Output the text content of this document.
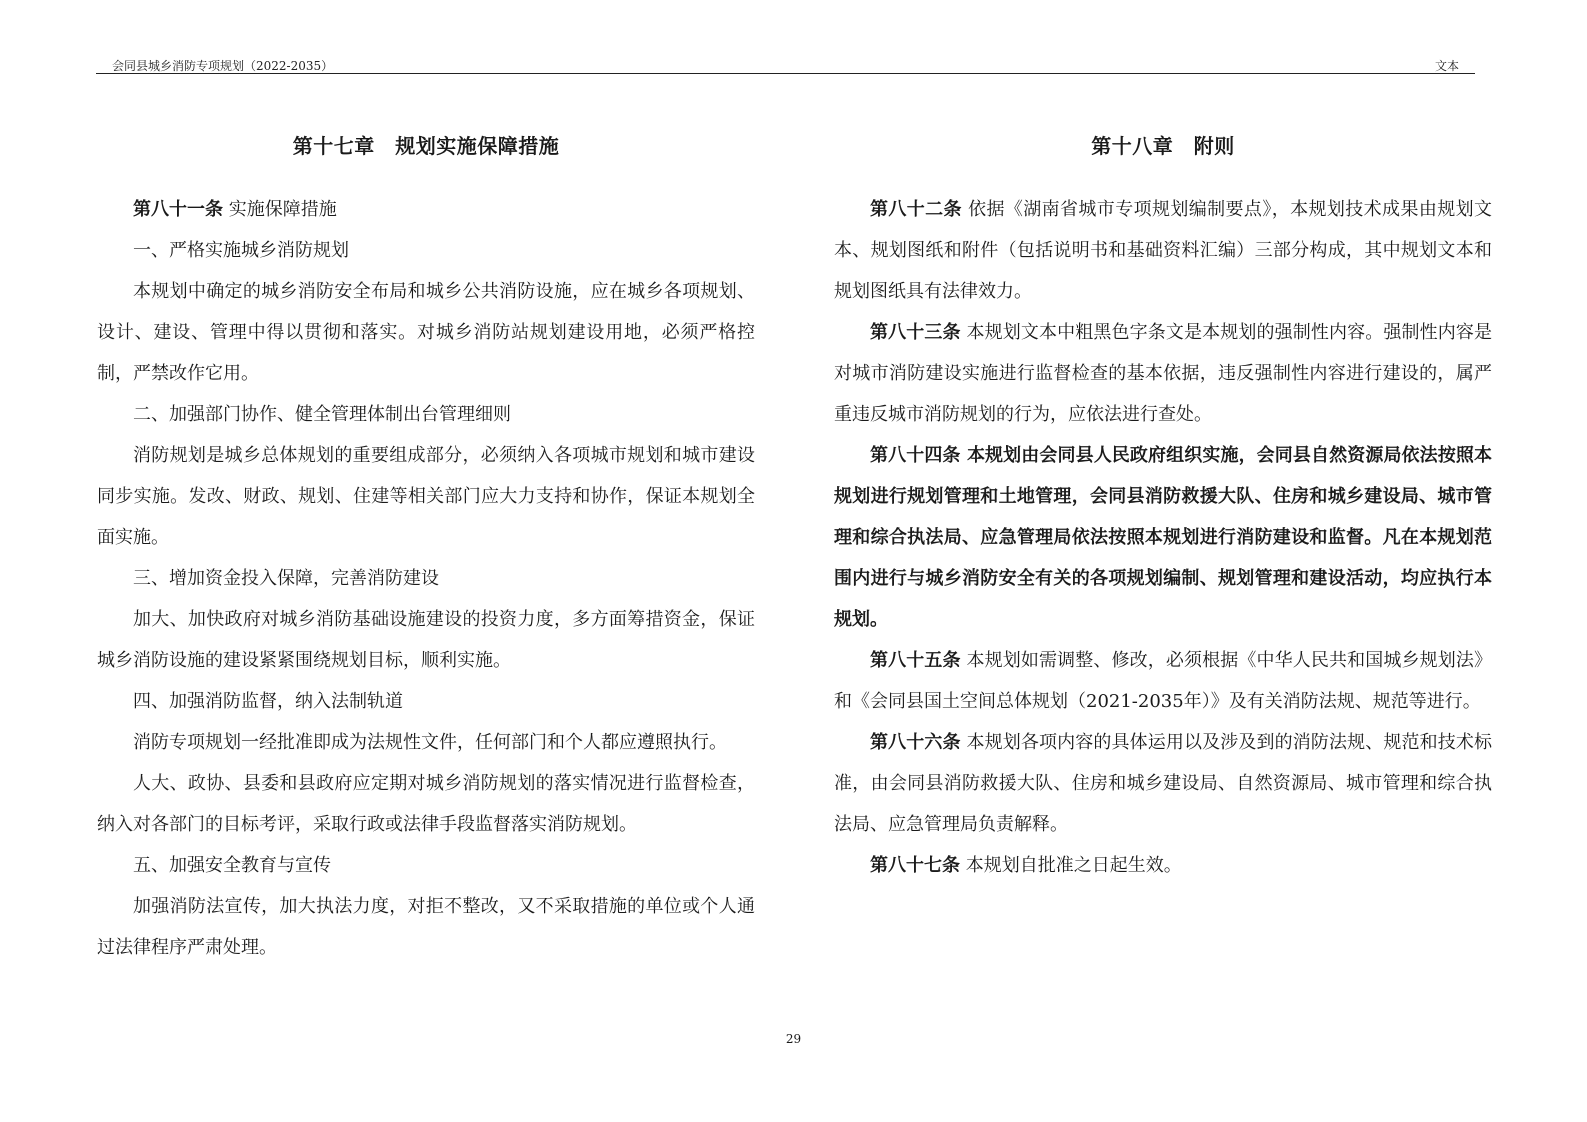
会同县城乡消防专项规划（2022-2035）	文本
第十七章　规划实施保障措施

第八十一条 实施保障措施

一、严格实施城乡消防规划

本规划中确定的城乡消防安全布局和城乡公共消防设施，应在城乡各项规划、设计、建设、管理中得以贯彻和落实。对城乡消防站规划建设用地，必须严格控制，严禁改作它用。

二、加强部门协作、健全管理体制出台管理细则

消防规划是城乡总体规划的重要组成部分，必须纳入各项城市规划和城市建设同步实施。发改、财政、规划、住建等相关部门应大力支持和协作，保证本规划全面实施。

三、增加资金投入保障，完善消防建设

加大、加快政府对城乡消防基础设施建设的投资力度，多方面筹措资金，保证城乡消防设施的建设紧紧围绕规划目标，顺利实施。

四、加强消防监督，纳入法制轨道

消防专项规划一经批准即成为法规性文件，任何部门和个人都应遵照执行。

人大、政协、县委和县政府应定期对城乡消防规划的落实情况进行监督检查，纳入对各部门的目标考评，采取行政或法律手段监督落实消防规划。

五、加强安全教育与宣传

加强消防法宣传，加大执法力度，对拒不整改，又不采取措施的单位或个人通过法律程序严肃处理。

第十八章　附则

第八十二条 依据《湖南省城市专项规划编制要点》，本规划技术成果由规划文本、规划图纸和附件（包括说明书和基础资料汇编）三部分构成，其中规划文本和规划图纸具有法律效力。

第八十三条 本规划文本中粗黑色字条文是本规划的强制性内容。强制性内容是对城市消防建设实施进行监督检查的基本依据，违反强制性内容进行建设的，属严重违反城市消防规划的行为，应依法进行查处。

第八十四条 本规划由会同县人民政府组织实施，会同县自然资源局依法按照本规划进行规划管理和土地管理，会同县消防救援大队、住房和城乡建设局、城市管理和综合执法局、应急管理局依法按照本规划进行消防建设和监督。凡在本规划范围内进行与城乡消防安全有关的各项规划编制、规划管理和建设活动，均应执行本规划。

第八十五条 本规划如需调整、修改，必须根据《中华人民共和国城乡规划法》和《会同县国土空间总体规划（2021-2035年）》及有关消防法规、规范等进行。

第八十六条 本规划各项内容的具体运用以及涉及到的消防法规、规范和技术标准，由会同县消防救援大队、住房和城乡建设局、自然资源局、城市管理和综合执法局、应急管理局负责解释。

第八十七条 本规划自批准之日起生效。

29
